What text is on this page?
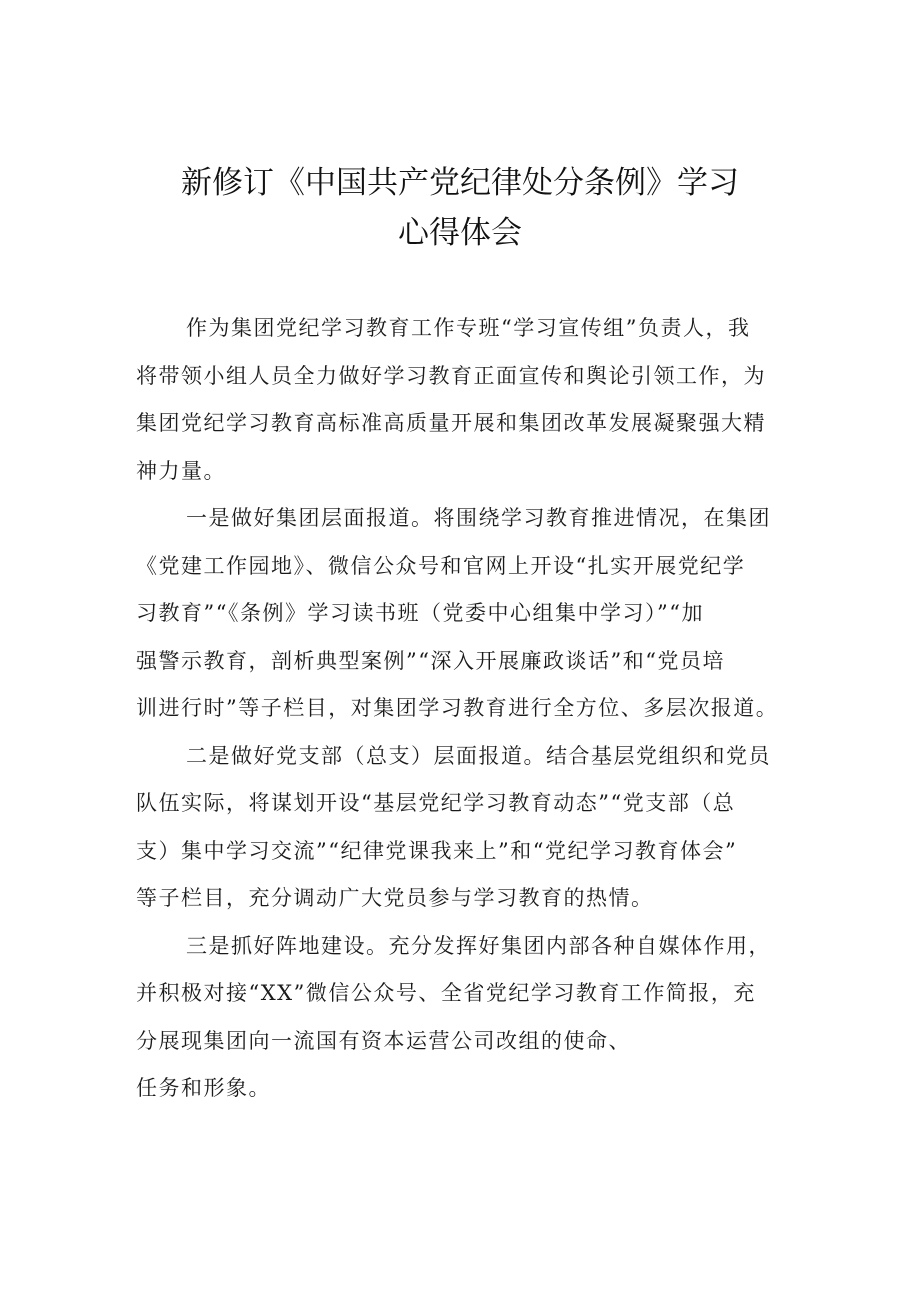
新修订《中国共产党纪律处分条例》学习
心得体会
作为集团党纪学习教育工作专班“学习宣传组”负责人，我
将带领小组人员全力做好学习教育正面宣传和舆论引领工作，为
集团党纪学习教育高标准高质量开展和集团改革发展凝聚强大精
神力量。
一是做好集团层面报道。将围绕学习教育推进情况，在集团
《党建工作园地》、微信公众号和官网上开设“扎实开展党纪学
习教育”“《条例》学习读书班（党委中心组集中学习）”“加
强警示教育，剖析典型案例”“深入开展廉政谈话”和“党员培
训进行时”等子栏目，对集团学习教育进行全方位、多层次报道。
二是做好党支部（总支）层面报道。结合基层党组织和党员
队伍实际，将谋划开设“基层党纪学习教育动态”“党支部（总
支）集中学习交流”“纪律党课我来上”和“党纪学习教育体会”
等子栏目，充分调动广大党员参与学习教育的热情。
三是抓好阵地建设。充分发挥好集团内部各种自媒体作用，
并积极对接“XX”微信公众号、全省党纪学习教育工作简报，充
分展现集团向一流国有资本运营公司改组的使命、
任务和形象。
